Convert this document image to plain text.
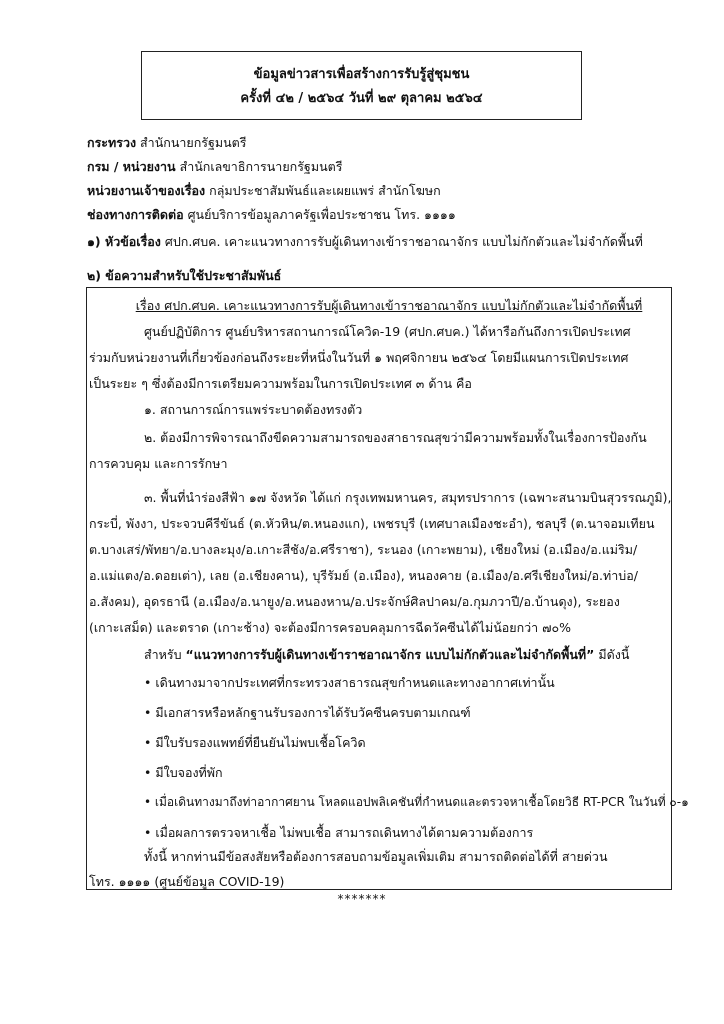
ข้อมูลข่าวสารเพื่อสร้างการรับรู้สู่ชุมชน
ครั้งที่ ๔๒ / ๒๕๖๔ วันที่ ๒๙ ตุลาคม ๒๕๖๔
กระทรวง สำนักนายกรัฐมนตรี
กรม / หน่วยงาน สำนักเลขาธิการนายกรัฐมนตรี
หน่วยงานเจ้าของเรื่อง กลุ่มประชาสัมพันธ์และเผยแพร่ สำนักโฆษก
ช่องทางการติดต่อ ศูนย์บริการข้อมูลภาครัฐเพื่อประชาชน โทร. ๑๑๑๑
๑) หัวข้อเรื่อง ศปก.ศบค. เคาะแนวทางการรับผู้เดินทางเข้าราชอาณาจักร แบบไม่กักตัวและไม่จำกัดพื้นที่
๒) ข้อความสำหรับใช้ประชาสัมพันธ์
เรื่อง ศปก.ศบค. เคาะแนวทางการรับผู้เดินทางเข้าราชอาณาจักร แบบไม่กักตัวและไม่จำกัดพื้นที่
ศูนย์ปฏิบัติการ ศูนย์บริหารสถานการณ์โควิด-19 (ศปก.ศบค.) ได้หารือกันถึงการเปิดประเทศ
ร่วมกับหน่วยงานที่เกี่ยวข้องก่อนถึงระยะที่หนึ่งในวันที่ ๑ พฤศจิกายน ๒๕๖๔ โดยมีแผนการเปิดประเทศ
เป็นระยะ ๆ ซึ่งต้องมีการเตรียมความพร้อมในการเปิดประเทศ ๓ ด้าน คือ
๑. สถานการณ์การแพร่ระบาดต้องทรงตัว
๒. ต้องมีการพิจารณาถึงขีดความสามารถของสาธารณสุขว่ามีความพร้อมทั้งในเรื่องการป้องกัน
การควบคุม และการรักษา
๓. พื้นที่นำร่องสีฟ้า ๑๗ จังหวัด ได้แก่ กรุงเทพมหานคร, สมุทรปราการ (เฉพาะสนามบินสุวรรณภูมิ),
กระบี่, พังงา, ประจวบคีรีขันธ์ (ต.หัวหิน/ต.หนองแก), เพชรบุรี (เทศบาลเมืองชะอำ), ชลบุรี (ต.นาจอมเทียน
ต.บางเสร่/พัทยา/อ.บางละมุง/อ.เกาะสีชัง/อ.ศรีราชา), ระนอง (เกาะพยาม), เชียงใหม่ (อ.เมือง/อ.แม่ริม/
อ.แม่แตง/อ.ดอยเต่า), เลย (อ.เชียงคาน), บุรีรัมย์ (อ.เมือง), หนองคาย (อ.เมือง/อ.ศรีเชียงใหม่/อ.ท่าบ่อ/
อ.สังคม), อุดรธานี (อ.เมือง/อ.นายูง/อ.หนองหาน/อ.ประจักษ์ศิลปาคม/อ.กุมภวาปี/อ.บ้านดุง), ระยอง
(เกาะเสม็ด) และตราด (เกาะช้าง) จะต้องมีการครอบคลุมการฉีดวัคซีนได้ไม่น้อยกว่า ๗๐%
สำหรับ “แนวทางการรับผู้เดินทางเข้าราชอาณาจักร แบบไม่กักตัวและไม่จำกัดพื้นที่” มีดังนี้
• เดินทางมาจากประเทศที่กระทรวงสาธารณสุขกำหนดและทางอากาศเท่านั้น
• มีเอกสารหรือหลักฐานรับรองการได้รับวัคซีนครบตามเกณฑ์
• มีใบรับรองแพทย์ที่ยืนยันไม่พบเชื้อโควิด
• มีใบจองที่พัก
• เมื่อเดินทางมาถึงท่าอากาศยาน โหลดแอปพลิเคชันที่กำหนดและตรวจหาเชื้อโดยวิธี RT-PCR ในวันที่ ๐-๑
• เมื่อผลการตรวจหาเชื้อ ไม่พบเชื้อ สามารถเดินทางได้ตามความต้องการ
ทั้งนี้ หากท่านมีข้อสงสัยหรือต้องการสอบถามข้อมูลเพิ่มเติม สามารถติดต่อได้ที่ สายด่วน
โทร. ๑๑๑๑ (ศูนย์ข้อมูล COVID-19)
*******
